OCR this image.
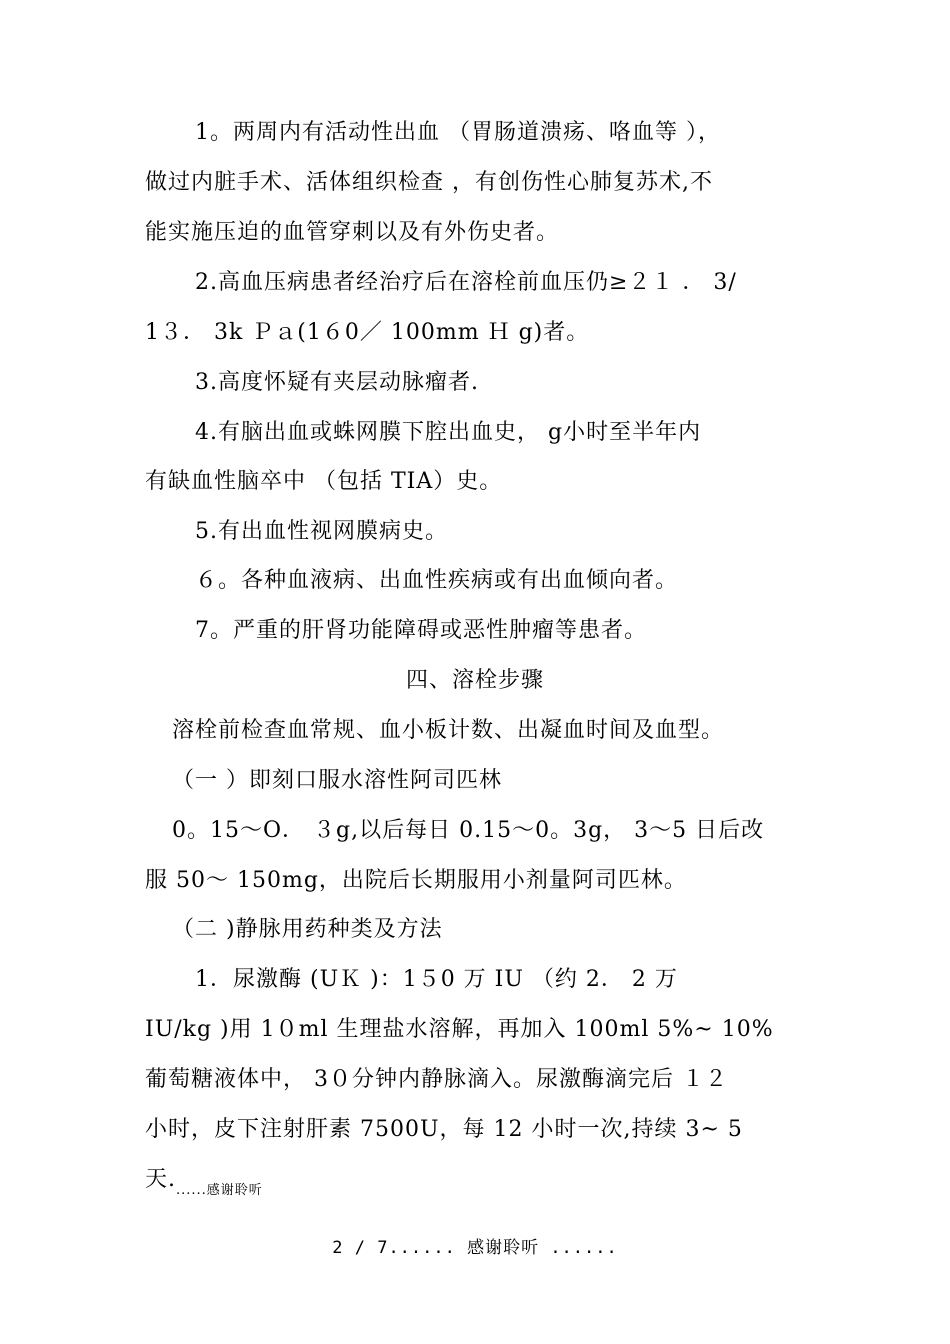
1。两周内有活动性出血 （胃肠道溃疡、咯血等 ），
做过内脏手术、活体组织检查 ，有创伤性心肺复苏术,不
能实施压迫的血管穿刺以及有外伤史者。
2.高血压病患者经治疗后在溶栓前血压仍≥２１ ． 3/
1３． 3k Ｐａ(1６0／ 100mm Ｈ g)者。
3.高度怀疑有夹层动脉瘤者.
4.有脑出血或蛛网膜下腔出血史， g小时至半年内
有缺血性脑卒中 （包括 TIA）史。
5.有出血性视网膜病史。
６。各种血液病、出血性疾病或有出血倾向者。
7。严重的肝肾功能障碍或恶性肿瘤等患者。
四、溶栓步骤
溶栓前检查血常规、血小板计数、出凝血时间及血型。
（一 ）即刻口服水溶性阿司匹林
0。15～O． ３g,以后每日 0.15～0。3g， 3～5 日后改
服 50～ 150mg，出院后长期服用小剂量阿司匹林。
（二 )静脉用药种类及方法
1．尿激酶 (UＫ )：1５0 万 IU （约 2． 2 万
IU/kg )用 1０ml 生理盐水溶解，再加入 100ml 5%~ 10%
葡萄糖液体中， 3０分钟内静脉滴入。尿激酶滴完后 １２
小时，皮下注射肝素 7500U，每 12 小时一次,持续 3~ 5
天. ......感谢聆听
2 / 7...... 感谢聆听 ......
